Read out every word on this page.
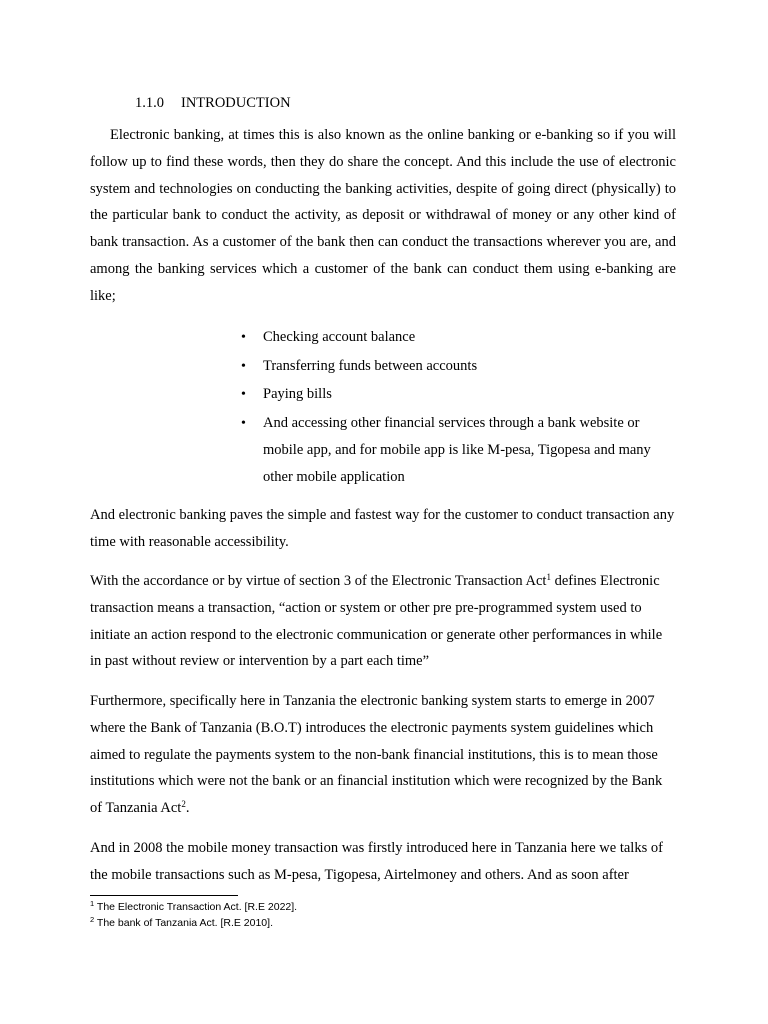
1.1.0 INTRODUCTION

Electronic banking, at times this is also known as the online banking or e-banking so if you will follow up to find these words, then they do share the concept. And this include the use of electronic system and technologies on conducting the banking activities, despite of going direct (physically) to the particular bank to conduct the activity, as deposit or withdrawal of money or any other kind of bank transaction. As a customer of the bank then can conduct the transactions wherever you are, and among the banking services which a customer of the bank can conduct them using e-banking are like;

• Checking account balance
• Transferring funds between accounts
• Paying bills
• And accessing other financial services through a bank website or mobile app, and for mobile app is like M-pesa, Tigopesa and many other mobile application

And electronic banking paves the simple and fastest way for the customer to conduct transaction any time with reasonable accessibility.

With the accordance or by virtue of section 3 of the Electronic Transaction Act$^1$ defines Electronic transaction means a transaction, “action or system or other pre pre-programmed system used to initiate an action respond to the electronic communication or generate other performances in while in past without review or intervention by a part each time”

Furthermore, specifically here in Tanzania the electronic banking system starts to emerge in 2007 where the Bank of Tanzania (B.O.T) introduces the electronic payments system guidelines which aimed to regulate the payments system to the non-bank financial institutions, this is to mean those institutions which were not the bank or an financial institution which were recognized by the Bank of Tanzania Act$^2$.

And in 2008 the mobile money transaction was firstly introduced here in Tanzania here we talks of the mobile transactions such as M-pesa, Tigopesa, Airtelmoney and others. And as soon after

$^1$ The Electronic Transaction Act. [R.E 2022].
$^2$ The bank of Tanzania Act. [R.E 2010].
